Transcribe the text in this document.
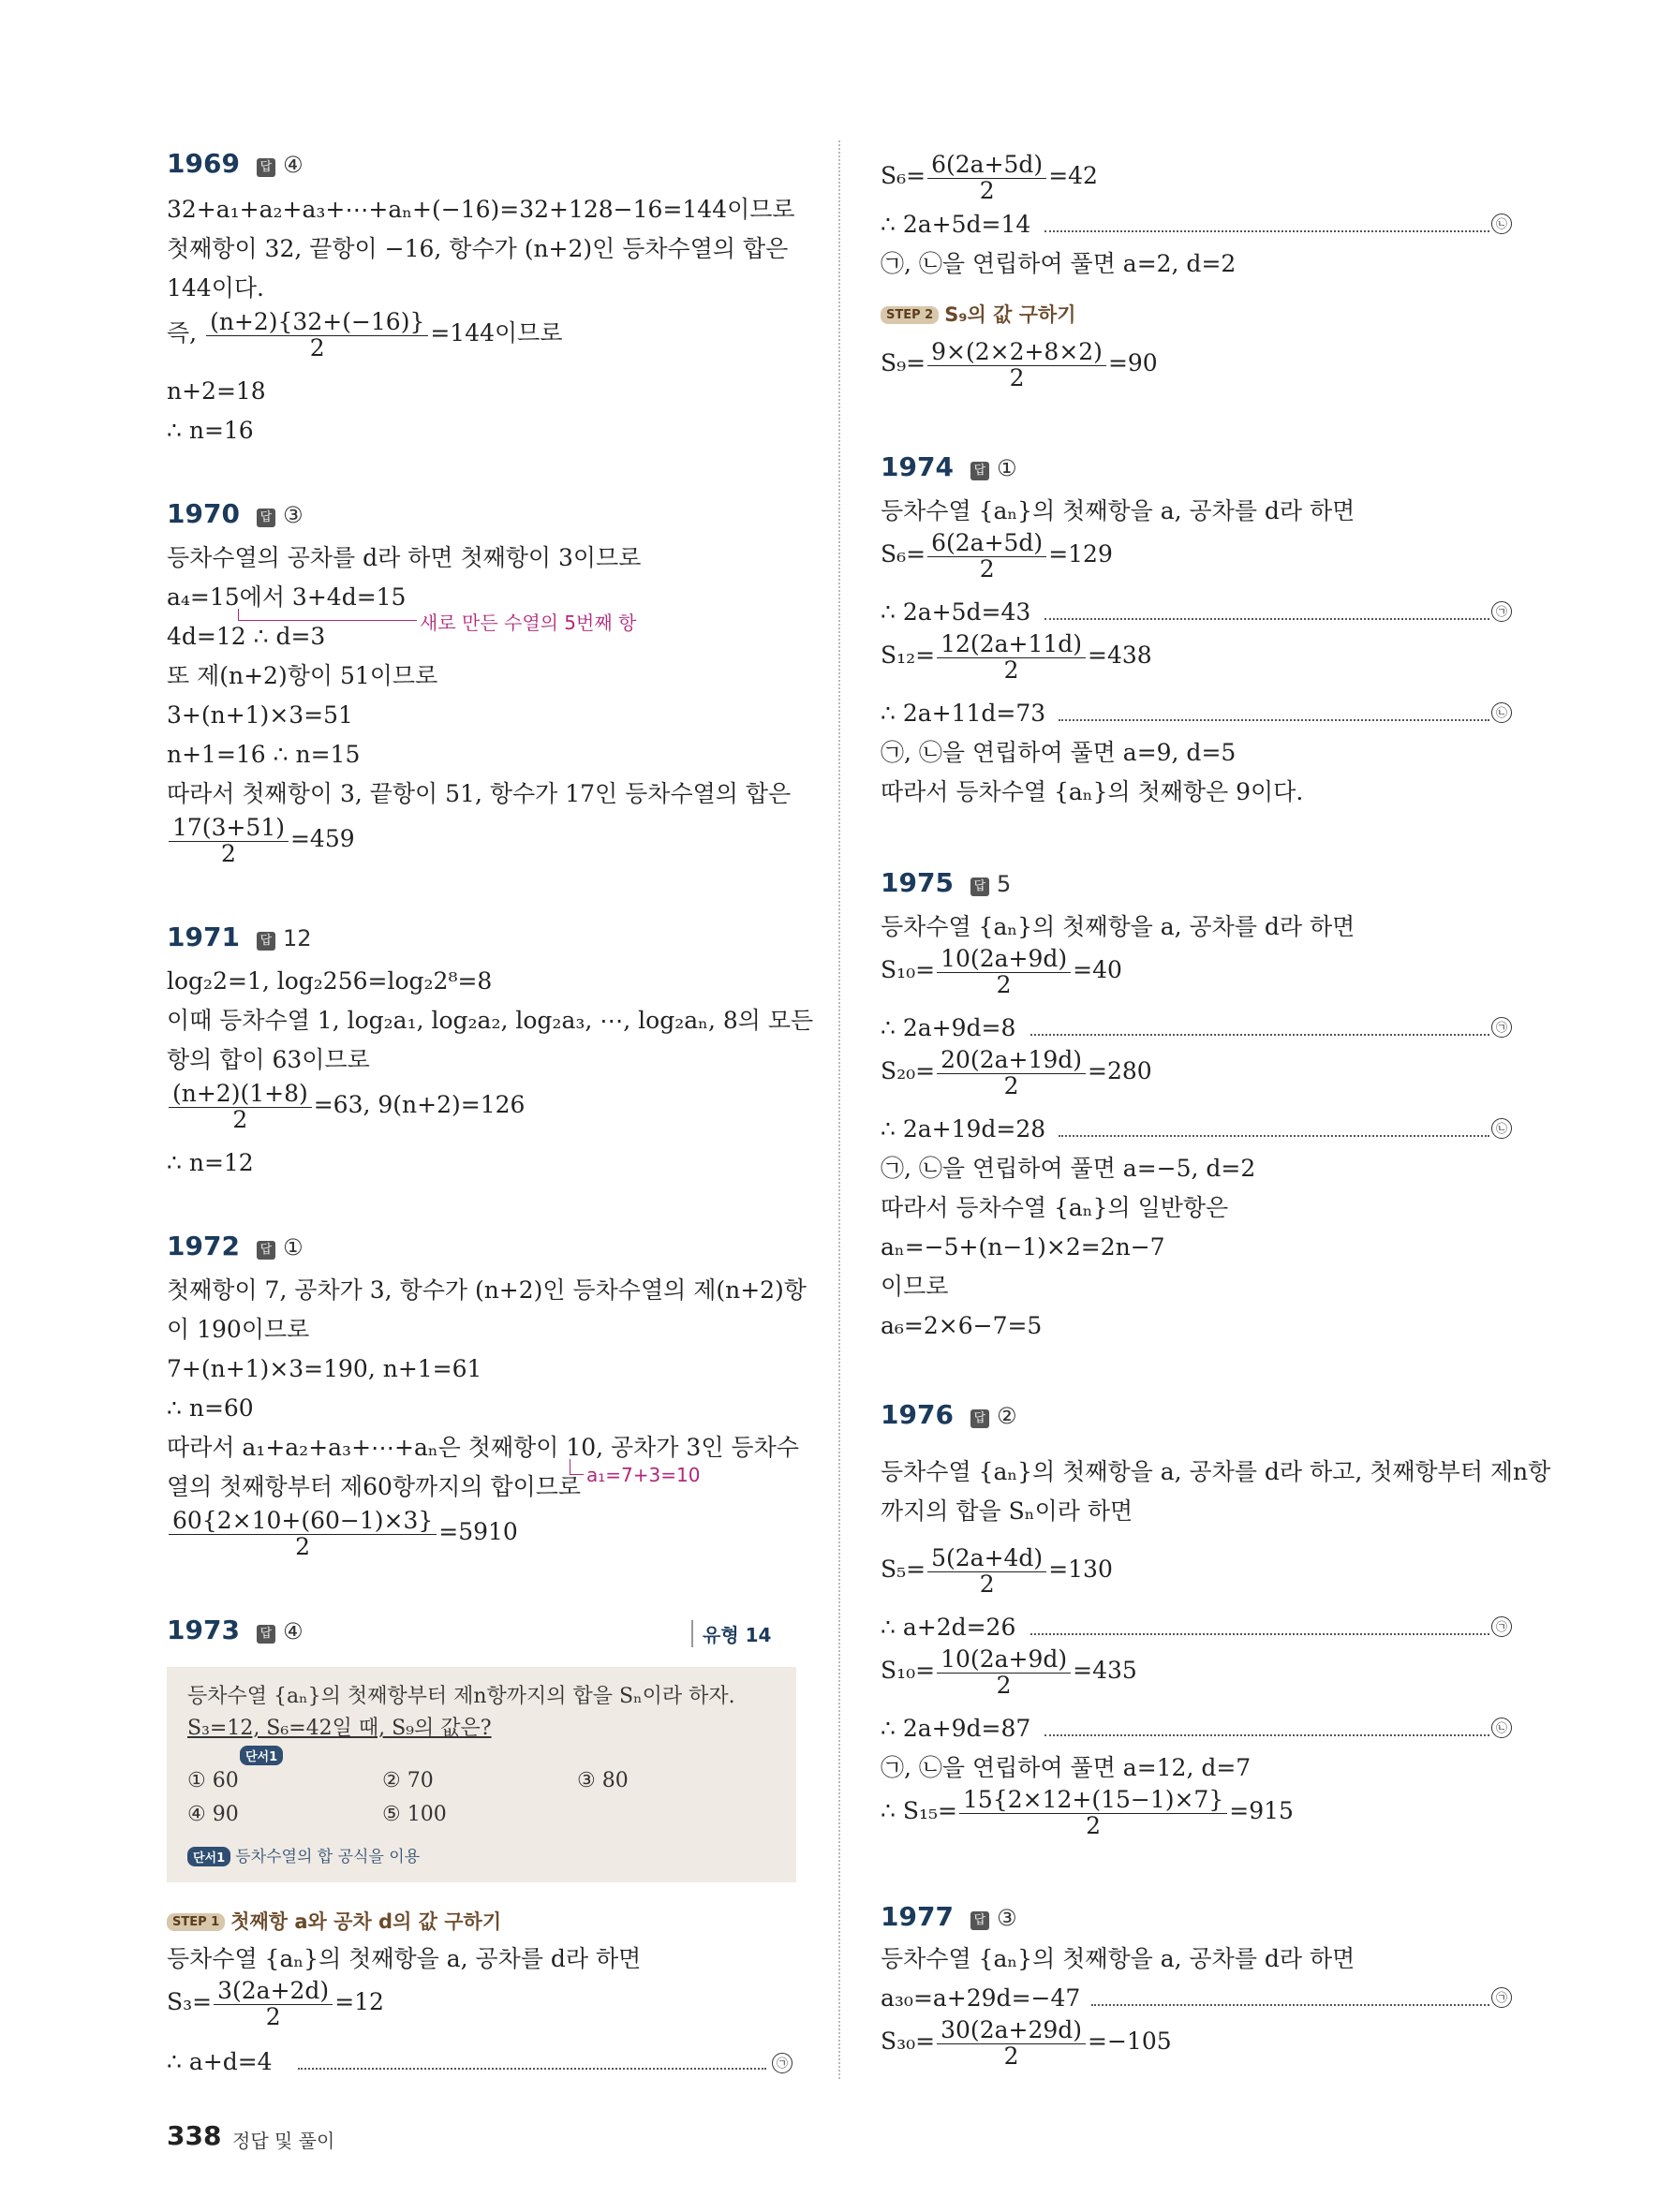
1969 답 ④
32+a₁+a₂+a₃+⋯+aₙ+(−16)=32+128−16=144이므로
첫째항이 32, 끝항이 −16, 항수가 (n+2)인 등차수열의 합은
144이다.
즉, $\frac{(n+2)\{32+(-16)\}}{2} =144$이므로
n+2=18
∴ n=16
1970 답 ③
등차수열의 공차를 d라 하면 첫째항이 3이므로
a₄=15에서 3+4d=15
새로 만든 수열의 5번째 항
4d=12 ∴ d=3
또 제(n+2)항이 51이므로
3+(n+1)×3=51
n+1=16 ∴ n=15
따라서 첫째항이 3, 끝항이 51, 항수가 17인 등차수열의 합은
$\frac{17(3+51)}{2} =459$
1971 답 12
log₂2=1, log₂256=log₂2⁸=8
이때 등차수열 1, log₂a₁, log₂a₂, log₂a₃, ⋯, log₂aₙ, 8의 모든
항의 합이 63이므로
$\frac{(n+2)(1+8)}{2} =63$, 9(n+2)=126
∴ n=12
1972 답 ①
첫째항이 7, 공차가 3, 항수가 (n+2)인 등차수열의 제(n+2)항
이 190이므로
7+(n+1)×3=190, n+1=61
∴ n=60
따라서 a₁+a₂+a₃+⋯+aₙ은 첫째항이 10, 공차가 3인 등차수
열의 첫째항부터 제60항까지의 합이므로 a₁=7+3=10
$\frac{60\{2\times 10+(60-1)\times 3\}}{2} =5910$
1973 답 ④	유형 14
등차수열 {aₙ}의 첫째항부터 제n항까지의 합을 Sₙ이라 하자.
S₃=12, S₆=42일 때, S₉의 값은?
단서1
① 60	② 70	③ 80
④ 90	⑤ 100
단서1 등차수열의 합 공식을 이용
STEP 1 첫째항 a와 공차 d의 값 구하기
등차수열 {aₙ}의 첫째항을 a, 공차를 d라 하면
$S_3= \frac{3(2a+2d)}{2} =12$
∴ a+d=4	㉠
$S_6= \frac{6(2a+5d)}{2} =42$
∴ 2a+5d=14	㉡
㉠, ㉡을 연립하여 풀면 a=2, d=2
STEP 2 S₉의 값 구하기
$S_9= \frac{9\times(2\times 2+8\times 2)}{2} =90$
1974 답 ①
등차수열 {aₙ}의 첫째항을 a, 공차를 d라 하면
$S_6= \frac{6(2a+5d)}{2} =129$
∴ 2a+5d=43	㉠
$S_{12}= \frac{12(2a+11d)}{2} =438$
∴ 2a+11d=73	㉡
㉠, ㉡을 연립하여 풀면 a=9, d=5
따라서 등차수열 {aₙ}의 첫째항은 9이다.
1975 답 5
등차수열 {aₙ}의 첫째항을 a, 공차를 d라 하면
$S_{10}= \frac{10(2a+9d)}{2} =40$
∴ 2a+9d=8	㉠
$S_{20}= \frac{20(2a+19d)}{2} =280$
∴ 2a+19d=28	㉡
㉠, ㉡을 연립하여 풀면 a=−5, d=2
따라서 등차수열 {aₙ}의 일반항은
aₙ=−5+(n−1)×2=2n−7
이므로
a₆=2×6−7=5
1976 답 ②
등차수열 {aₙ}의 첫째항을 a, 공차를 d라 하고, 첫째항부터 제n항
까지의 합을 Sₙ이라 하면
$S_5= \frac{5(2a+4d)}{2} =130$
∴ a+2d=26	㉠
$S_{10}= \frac{10(2a+9d)}{2} =435$
∴ 2a+9d=87	㉡
㉠, ㉡을 연립하여 풀면 a=12, d=7
∴ $S_{15}= \frac{15\{2\times 12+(15-1)\times 7\}}{2} =915$
1977 답 ③
등차수열 {aₙ}의 첫째항을 a, 공차를 d라 하면
a₃₀=a+29d=−47	㉠
$S_{30}= \frac{30(2a+29d)}{2} =-105$
338 정답 및 풀이
